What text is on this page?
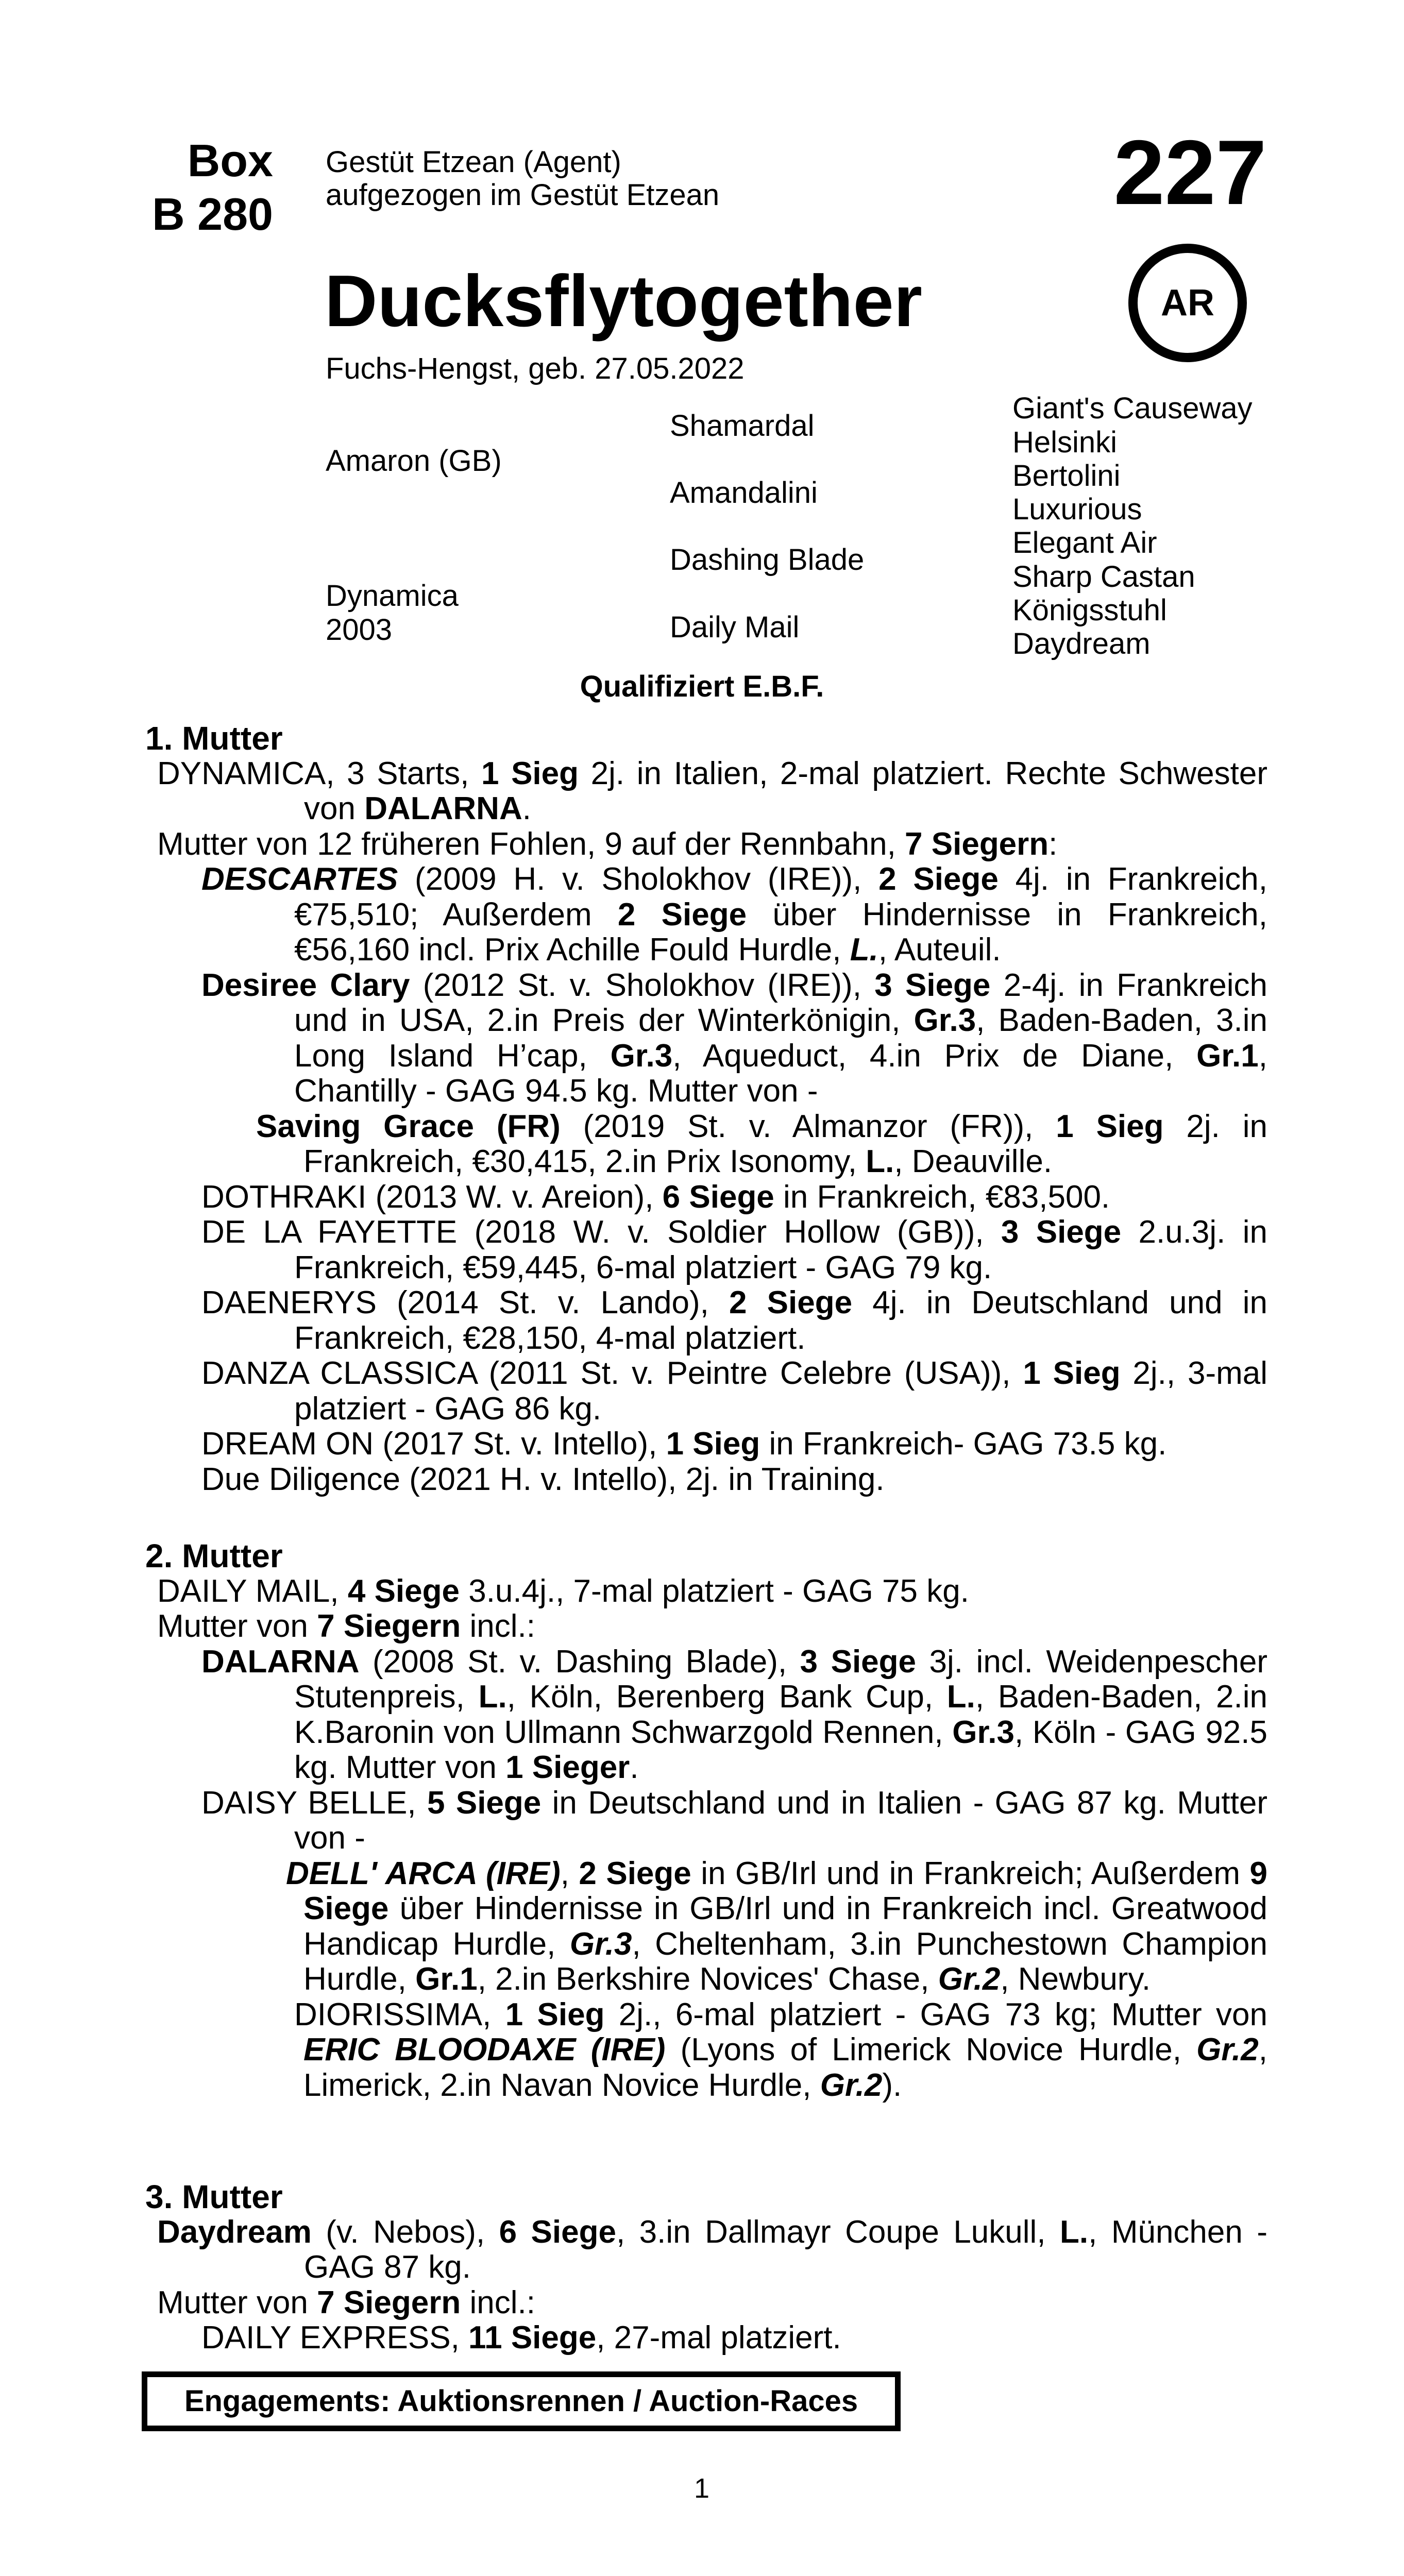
Box
B 280
Gestüt Etzean (Agent)
aufgezogen im Gestüt Etzean	227
AR
Ducksflytogether
Fuchs-Hengst, geb. 27.05.2022
Amaron (GB)
Dynamica
2003
Shamardal
Amandalini
Dashing Blade
Daily Mail
Giant's Causeway
Helsinki
Bertolini
Luxurious
Elegant Air
Sharp Castan
Königsstuhl
Daydream
Qualifiziert E.B.F.
1. Mutter

DYNAMICA, 3 Starts, 1 Sieg 2j. in Italien, 2-mal platziert. Rechte Schwester von DALARNA.

Mutter von 12 früheren Fohlen, 9 auf der Rennbahn, 7 Siegern:

DESCARTES (2009 H. v. Sholokhov (IRE)), 2 Siege 4j. in Frankreich, €75,510; Außerdem 2 Siege über Hindernisse in Frankreich, €56,160 incl. Prix Achille Fould Hurdle, L., Auteuil.

Desiree Clary (2012 St. v. Sholokhov (IRE)), 3 Siege 2-4j. in Frankreich und in USA, 2.in Preis der Winterkönigin, Gr.3, Baden-Baden, 3.in Long Island H’cap, Gr.3, Aqueduct, 4.in Prix de Diane, Gr.1, Chantilly - GAG 94.5 kg. Mutter von -

Saving Grace (FR) (2019 St. v. Almanzor (FR)), 1 Sieg 2j. in Frankreich, €30,415, 2.in Prix Isonomy, L., Deauville.

DOTHRAKI (2013 W. v. Areion), 6 Siege in Frankreich, €83,500.

DE LA FAYETTE (2018 W. v. Soldier Hollow (GB)), 3 Siege 2.u.3j. in Frankreich, €59,445, 6-mal platziert - GAG 79 kg.

DAENERYS (2014 St. v. Lando), 2 Siege 4j. in Deutschland und in Frankreich, €28,150, 4-mal platziert.

DANZA CLASSICA (2011 St. v. Peintre Celebre (USA)), 1 Sieg 2j., 3-mal platziert - GAG 86 kg.

DREAM ON (2017 St. v. Intello), 1 Sieg in Frankreich- GAG 73.5 kg.

Due Diligence (2021 H. v. Intello), 2j. in Training.

2. Mutter

DAILY MAIL, 4 Siege 3.u.4j., 7-mal platziert - GAG 75 kg.

Mutter von 7 Siegern incl.:

DALARNA (2008 St. v. Dashing Blade), 3 Siege 3j. incl. Weidenpescher Stutenpreis, L., Köln, Berenberg Bank Cup, L., Baden-Baden, 2.in K.Baronin von Ullmann Schwarzgold Rennen, Gr.3, Köln - GAG 92.5 kg. Mutter von 1 Sieger.

DAISY BELLE, 5 Siege in Deutschland und in Italien - GAG 87 kg. Mutter von -

DELL' ARCA (IRE), 2 Siege in GB/Irl und in Frankreich; Außerdem 9 Siege über Hindernisse in GB/Irl und in Frankreich incl. Greatwood Handicap Hurdle, Gr.3, Cheltenham, 3.in Punchestown Champion Hurdle, Gr.1, 2.in Berkshire Novices' Chase, Gr.2, Newbury.

DIORISSIMA, 1 Sieg 2j., 6-mal platziert - GAG 73 kg; Mutter von ERIC BLOODAXE (IRE) (Lyons of Limerick Novice Hurdle, Gr.2, Limerick, 2.in Navan Novice Hurdle, Gr.2).

3. Mutter

Daydream (v. Nebos), 6 Siege, 3.in Dallmayr Coupe Lukull, L., München - GAG 87 kg.

Mutter von 7 Siegern incl.:

DAILY EXPRESS, 11 Siege, 27-mal platziert.

Engagements: Auktionsrennen / Auction-Races
1
